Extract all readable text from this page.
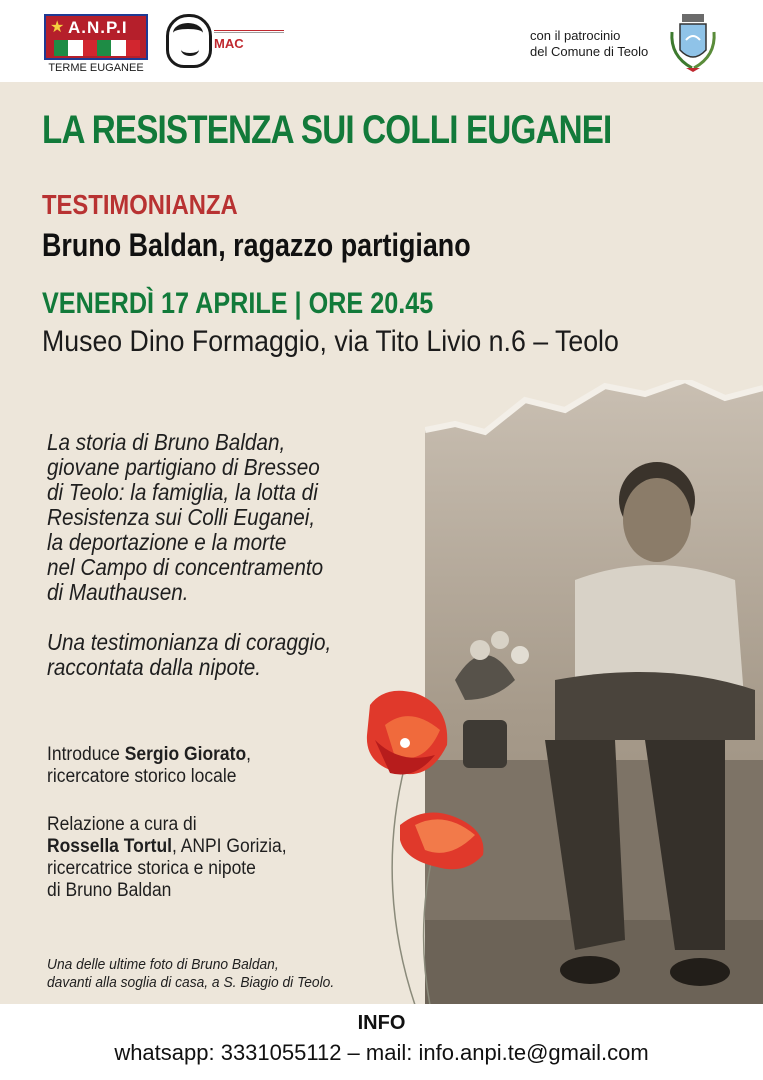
★ A.N.P.I
TERME EUGANEE
MAC
con il patrocinio
del Comune di Teolo
LA RESISTENZA SUI COLLI EUGANEI
TESTIMONIANZA
Bruno Baldan, ragazzo partigiano
VENERDÌ 17 APRILE | ORE 20.45
Museo Dino Formaggio, via Tito Livio n.6 – Teolo

La storia di Bruno Baldan,
giovane partigiano di Bresseo
di Teolo: la famiglia, la lotta di
Resistenza sui Colli Euganei,
la deportazione e la morte
nel Campo di concentramento
di Mauthausen.

Una testimonianza di coraggio,
raccontata dalla nipote.

Introduce Sergio Giorato,
ricercatore storico locale

Relazione a cura di
Rossella Tortul, ANPI Gorizia,
ricercatrice storica e nipote
di Bruno Baldan

Una delle ultime foto di Bruno Baldan,
davanti alla soglia di casa, a S. Biagio di Teolo.
INFO
whatsapp: 3331055112 – mail: info.anpi.te@gmail.com
